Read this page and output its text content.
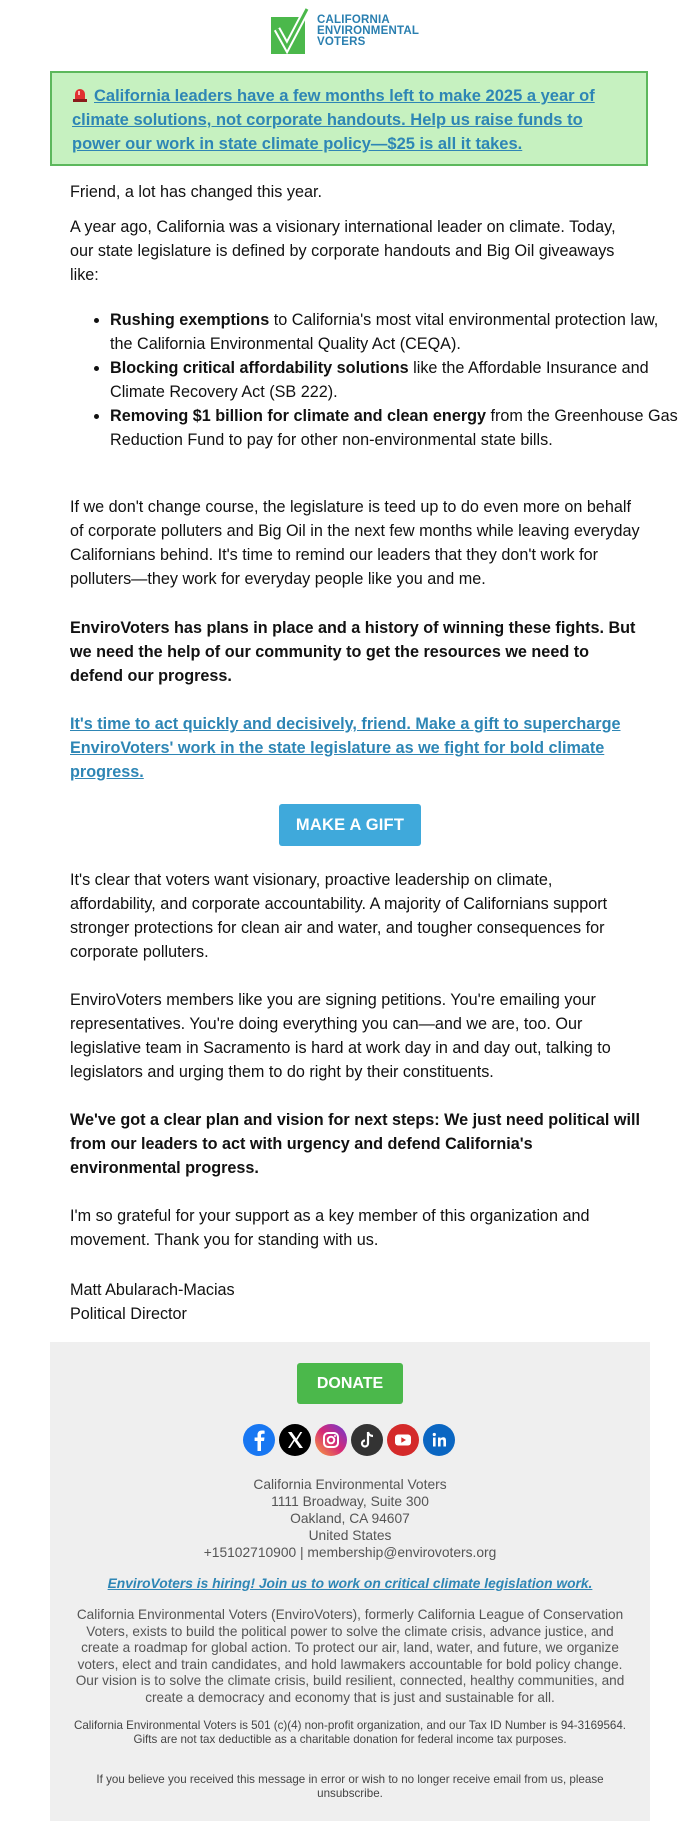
CALIFORNIA
ENVIRONMENTAL
VOTERS
California leaders have a few months left to make 2025 a year of climate solutions, not corporate handouts. Help us raise funds to power our work in state climate policy—$25 is all it takes.

Friend, a lot has changed this year.

A year ago, California was a visionary international leader on climate. Today, our state legislature is defined by corporate handouts and Big Oil giveaways like:

• Rushing exemptions to California's most vital environmental protection law, the California Environmental Quality Act (CEQA).
• Blocking critical affordability solutions like the Affordable Insurance and Climate Recovery Act (SB 222).
• Removing $1 billion for climate and clean energy from the Greenhouse Gas Reduction Fund to pay for other non-environmental state bills.

If we don't change course, the legislature is teed up to do even more on behalf of corporate polluters and Big Oil in the next few months while leaving everyday Californians behind. It's time to remind our leaders that they don't work for polluters—they work for everyday people like you and me.

EnviroVoters has plans in place and a history of winning these fights. But we need the help of our community to get the resources we need to defend our progress.

It's time to act quickly and decisively, friend. Make a gift to supercharge EnviroVoters' work in the state legislature as we fight for bold climate progress.

MAKE A GIFT

It's clear that voters want visionary, proactive leadership on climate, affordability, and corporate accountability. A majority of Californians support stronger protections for clean air and water, and tougher consequences for corporate polluters.

EnviroVoters members like you are signing petitions. You're emailing your representatives. You're doing everything you can—and we are, too. Our legislative team in Sacramento is hard at work day in and day out, talking to legislators and urging them to do right by their constituents.

We've got a clear plan and vision for next steps: We just need political will from our leaders to act with urgency and defend California's environmental progress.

I'm so grateful for your support as a key member of this organization and movement. Thank you for standing with us.

Matt Abularach-Macias
Political Director
DONATE
California Environmental Voters
1111 Broadway, Suite 300
Oakland, CA 94607
United States
+15102710900 | membership@envirovoters.org
EnviroVoters is hiring! Join us to work on critical climate legislation work.
California Environmental Voters (EnviroVoters), formerly California League of Conservation Voters, exists to build the political power to solve the climate crisis, advance justice, and create a roadmap for global action. To protect our air, land, water, and future, we organize voters, elect and train candidates, and hold lawmakers accountable for bold policy change. Our vision is to solve the climate crisis, build resilient, connected, healthy communities, and create a democracy and economy that is just and sustainable for all.
California Environmental Voters is 501 (c)(4) non-profit organization, and our Tax ID Number is 94-3169564. Gifts are not tax deductible as a charitable donation for federal income tax purposes.
If you believe you received this message in error or wish to no longer receive email from us, please unsubscribe.
